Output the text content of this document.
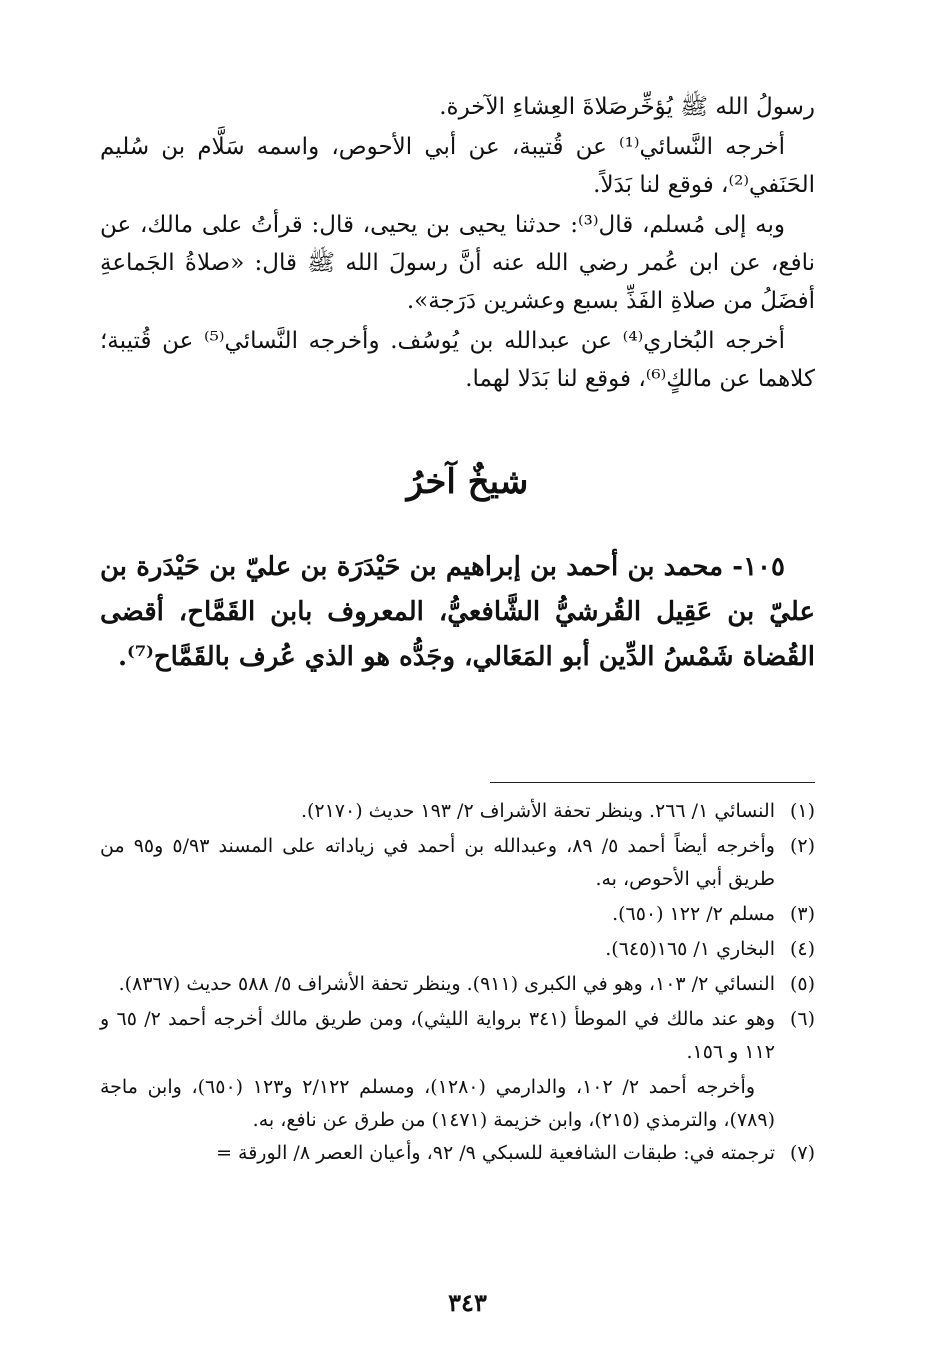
رسولُ الله ﷺ يُؤخِّرصَلاةَ العِشاءِ الآخرة.

أخرجه النَّسائي⁽¹⁾ عن قُتيبة، عن أبي الأحوص، واسمه سَلَّام بن سُليم الحَنَفي⁽²⁾، فوقع لنا بَدَلاً.

وبه إلى مُسلم، قال⁽³⁾: حدثنا يحيى بن يحيى، قال: قرأتُ على مالك، عن نافع، عن ابن عُمر رضي الله عنه أنَّ رسولَ الله ﷺ قال: «صلاةُ الجَماعةِ أفضَلُ من صلاةِ الفَذِّ بسبع وعشرين دَرَجة».

أخرجه البُخاري⁽⁴⁾ عن عبدالله بن يُوسُف. وأخرجه النَّسائي⁽⁵⁾ عن قُتيبة؛ كلاهما عن مالكٍ⁽⁶⁾، فوقع لنا بَدَلا لهما.

شيخٌ آخرُ

١٠٥- محمد بن أحمد بن إبراهيم بن حَيْدَرَة بن عليّ بن حَيْدَرة بن عليّ بن عَقِيل القُرشيُّ الشَّافعيُّ، المعروف بابن القَمَّاح، أقضى القُضاة شَمْسُ الدِّين أبو المَعَالي، وجَدُّه هو الذي عُرف بالقَمَّاح⁽⁷⁾.

(١)
النسائي ١/ ٢٦٦. وينظر تحفة الأشراف ٢/ ١٩٣ حديث (٢١٧٠).
(٢)
وأخرجه أيضاً أحمد ٥/ ٨٩، وعبدالله بن أحمد في زياداته على المسند ٥/٩٣ و٩٥ من طريق أبي الأحوص، به.
(٣)
مسلم ٢/ ١٢٢ (٦٥٠).
(٤)
البخاري ١/ ١٦٥(٦٤٥).
(٥)
النسائي ٢/ ١٠٣، وهو في الكبرى (٩١١). وينظر تحفة الأشراف ٥/ ٥٨٨ حديث (٨٣٦٧).
(٦)
وهو عند مالك في الموطأ (٣٤١ برواية الليثي)، ومن طريق مالك أخرجه أحمد ٢/ ٦٥ و ١١٢ و ١٥٦.
وأخرجه أحمد ٢/ ١٠٢، والدارمي (١٢٨٠)، ومسلم ٢/١٢٢ و١٢٣ (٦٥٠)، وابن ماجة (٧٨٩)، والترمذي (٢١٥)، وابن خزيمة (١٤٧١) من طرق عن نافع، به.
(٧)
ترجمته في: طبقات الشافعية للسبكي ٩/ ٩٢، وأعيان العصر ٨/ الورقة =
٣٤٣
